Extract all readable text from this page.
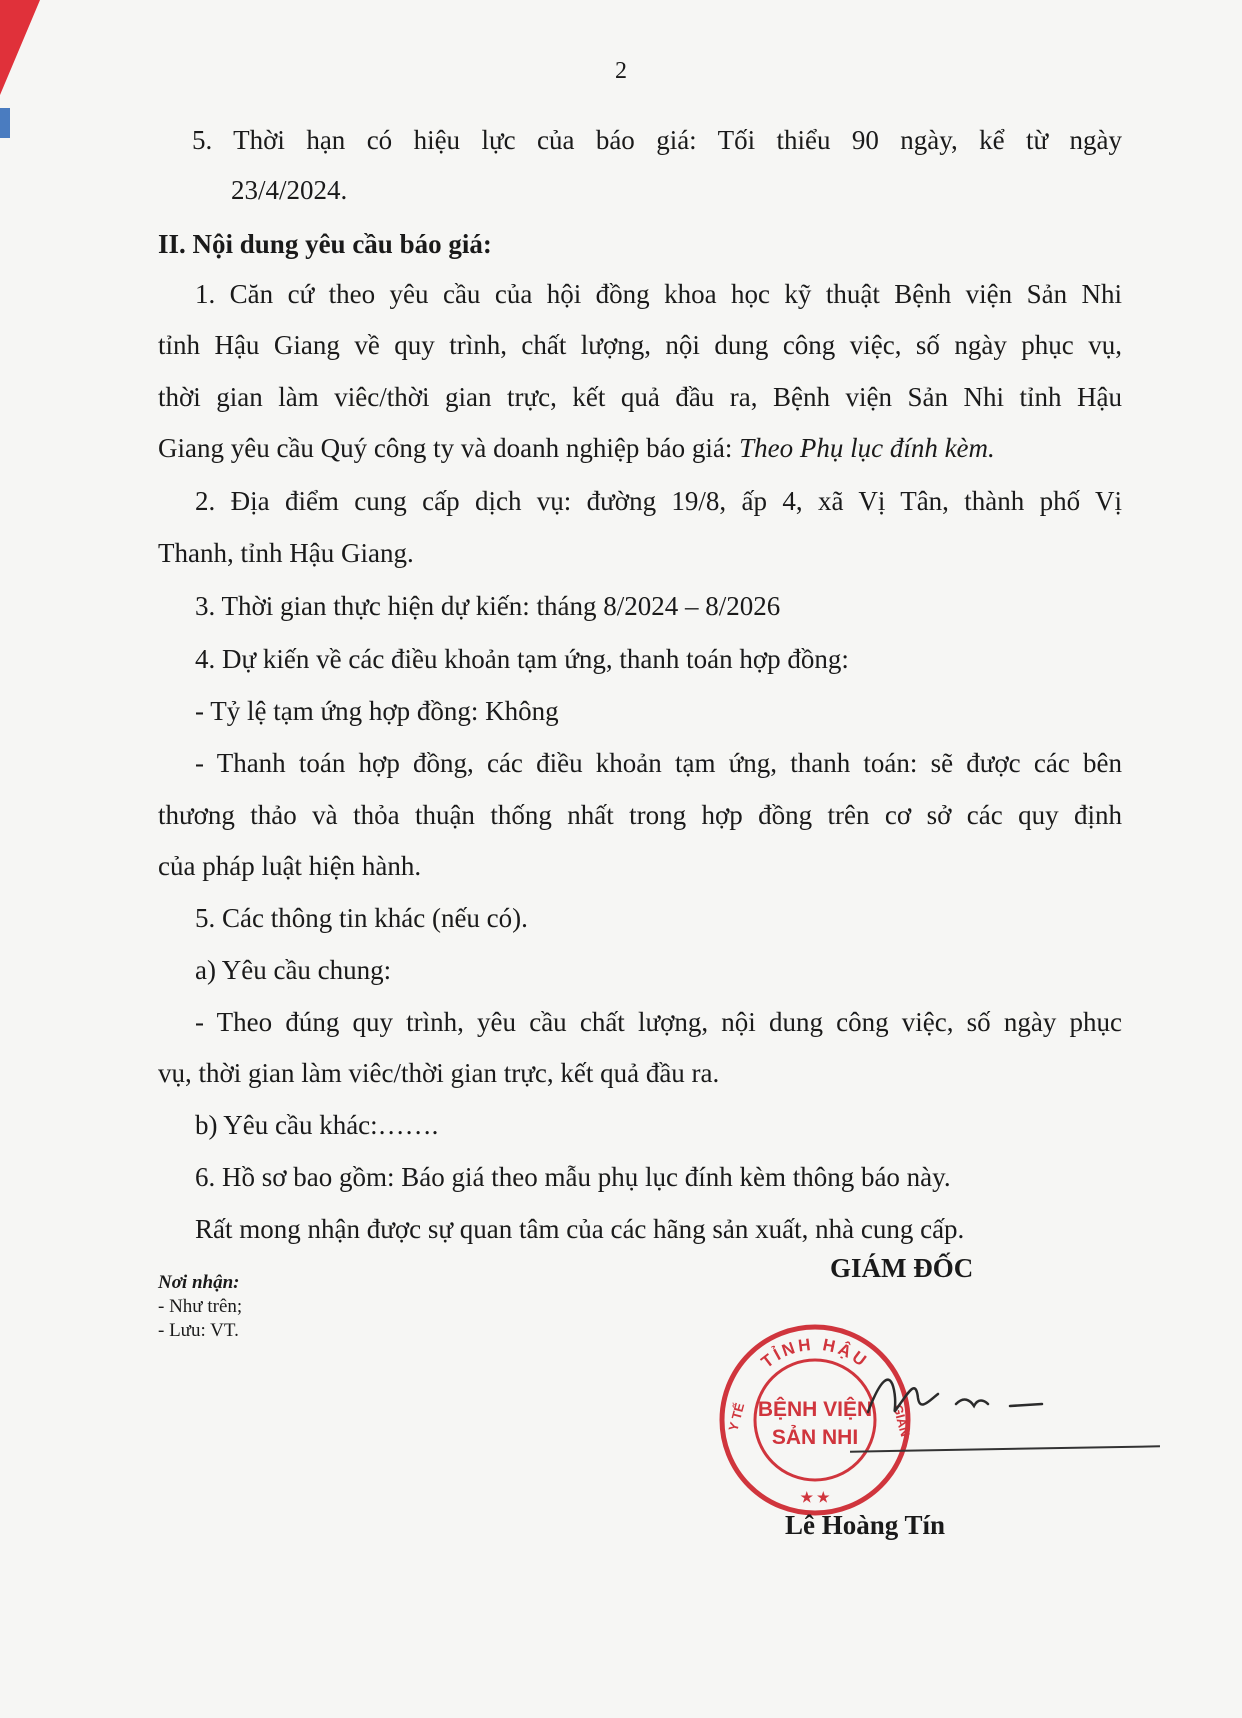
2
5. Thời hạn có hiệu lực của báo giá: Tối thiểu 90 ngày, kể từ ngày
23/4/2024.
II. Nội dung yêu cầu báo giá:
1. Căn cứ theo yêu cầu của hội đồng khoa học kỹ thuật Bệnh viện Sản Nhi
tỉnh Hậu Giang về quy trình, chất lượng, nội dung công việc, số ngày phục vụ,
thời gian làm viêc/thời gian trực, kết quả đầu ra, Bệnh viện Sản Nhi tỉnh Hậu
Giang yêu cầu Quý công ty và doanh nghiệp báo giá: Theo Phụ lục đính kèm.
2. Địa điểm cung cấp dịch vụ: đường 19/8, ấp 4, xã Vị Tân, thành phố Vị
Thanh, tỉnh Hậu Giang.
3. Thời gian thực hiện dự kiến: tháng 8/2024 – 8/2026
4. Dự kiến về các điều khoản tạm ứng, thanh toán hợp đồng:
- Tỷ lệ tạm ứng hợp đồng: Không
- Thanh toán hợp đồng, các điều khoản tạm ứng, thanh toán: sẽ được các bên
thương thảo và thỏa thuận thống nhất trong hợp đồng trên cơ sở các quy định
của pháp luật hiện hành.
5. Các thông tin khác (nếu có).
a) Yêu cầu chung:
- Theo đúng quy trình, yêu cầu chất lượng, nội dung công việc, số ngày phục
vụ, thời gian làm viêc/thời gian trực, kết quả đầu ra.
b) Yêu cầu khác:…….
6. Hồ sơ bao gồm: Báo giá theo mẫu phụ lục đính kèm thông báo này.
Rất mong nhận được sự quan tâm của các hãng sản xuất, nhà cung cấp.
Nơi nhận:
- Như trên;
- Lưu: VT.
GIÁM ĐỐC
TỈNH HẬU
Y TẾ	GIAN
★ ★
BỆNH VIỆN
SẢN NHI
Lê Hoàng Tín
